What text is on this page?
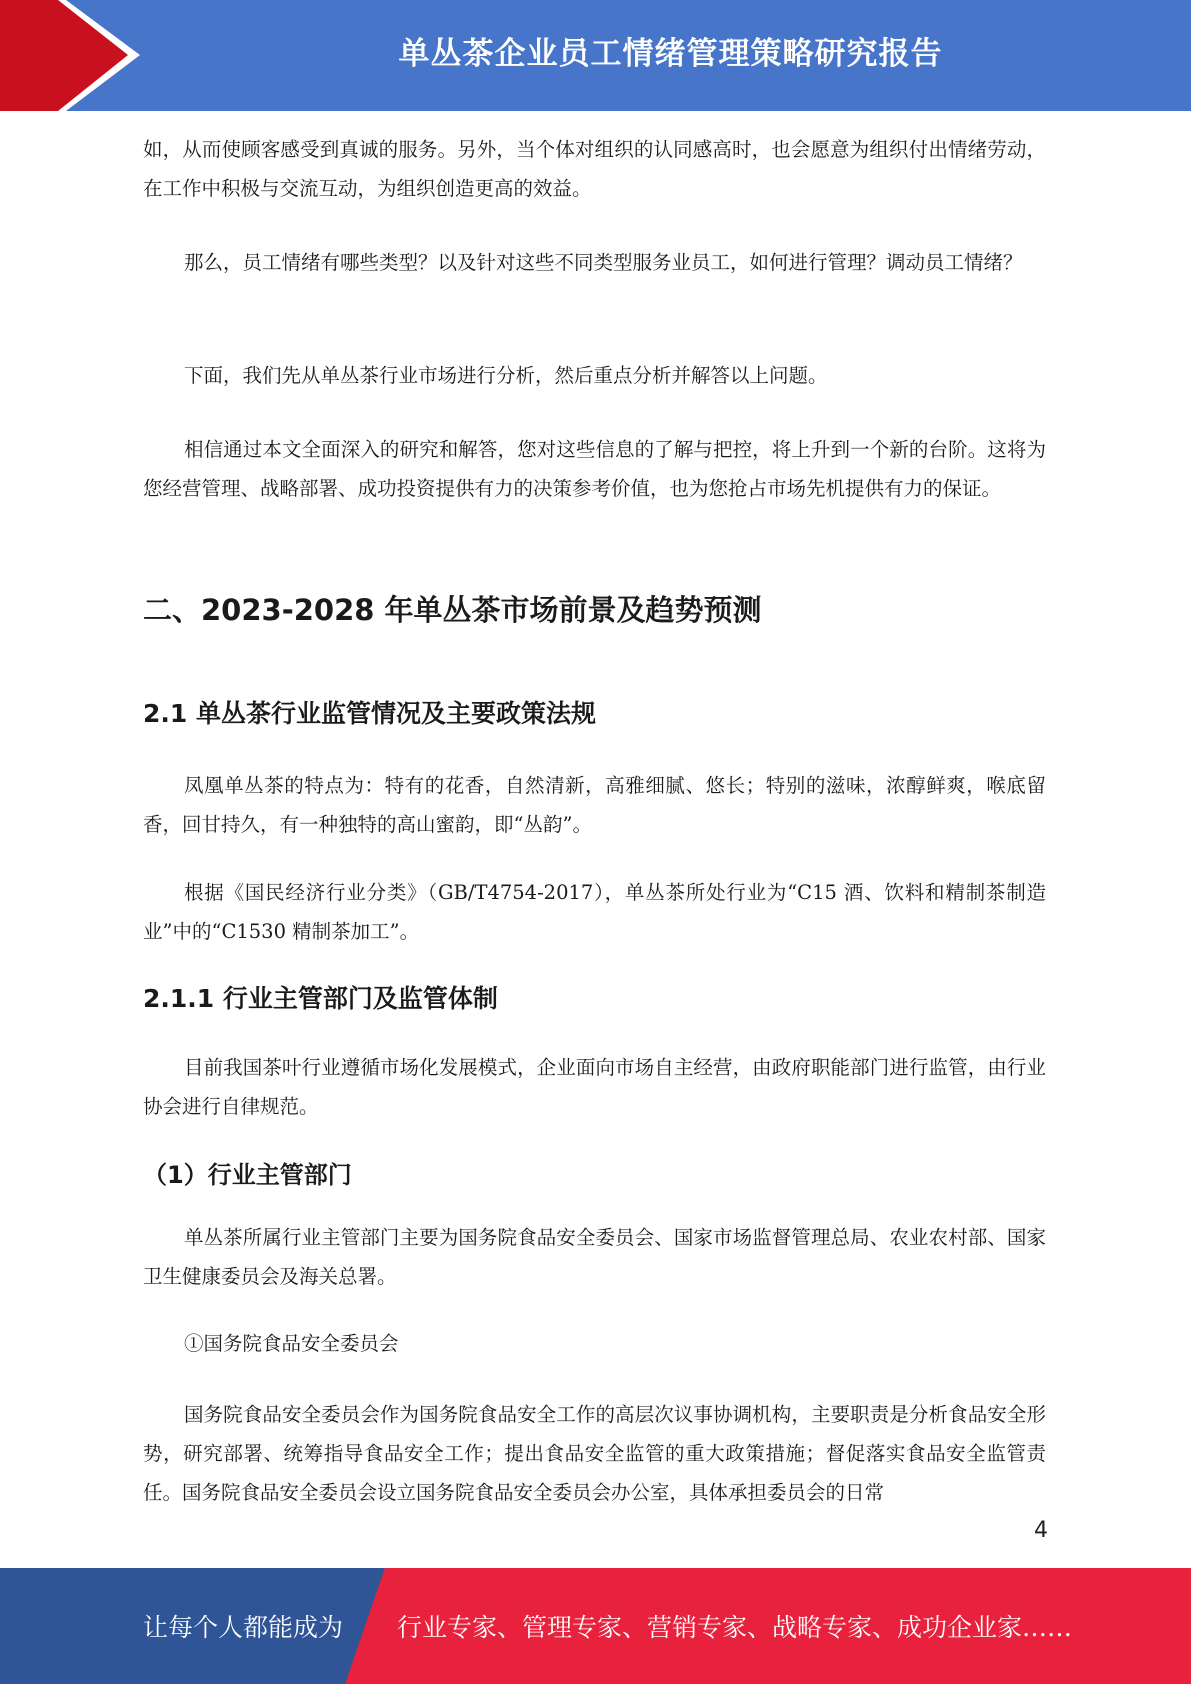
单丛茶企业员工情绪管理策略研究报告

如，从而使顾客感受到真诚的服务。另外，当个体对组织的认同感高时，也会愿意为组织付出情绪劳动，在工作中积极与交流互动，为组织创造更高的效益。

那么，员工情绪有哪些类型？以及针对这些不同类型服务业员工，如何进行管理？调动员工情绪？

下面，我们先从单丛茶行业市场进行分析，然后重点分析并解答以上问题。

相信通过本文全面深入的研究和解答，您对这些信息的了解与把控，将上升到一个新的台阶。这将为您经营管理、战略部署、成功投资提供有力的决策参考价值，也为您抢占市场先机提供有力的保证。

二、2023-2028 年单丛茶市场前景及趋势预测
2.1 单丛茶行业监管情况及主要政策法规

凤凰单丛茶的特点为：特有的花香，自然清新，高雅细腻、悠长；特别的滋味，浓醇鲜爽，喉底留香，回甘持久，有一种独特的高山蜜韵，即“丛韵”。

根据《国民经济行业分类》（GB/T4754-2017），单丛茶所处行业为“C15 酒、饮料和精制茶制造业”中的“C1530 精制茶加工”。

2.1.1 行业主管部门及监管体制

目前我国茶叶行业遵循市场化发展模式，企业面向市场自主经营，由政府职能部门进行监管，由行业协会进行自律规范。

（1）行业主管部门

单丛茶所属行业主管部门主要为国务院食品安全委员会、国家市场监督管理总局、农业农村部、国家卫生健康委员会及海关总署。

①国务院食品安全委员会

国务院食品安全委员会作为国务院食品安全工作的高层次议事协调机构，主要职责是分析食品安全形势，研究部署、统筹指导食品安全工作；提出食品安全监管的重大政策措施；督促落实食品安全监管责任。国务院食品安全委员会设立国务院食品安全委员会办公室，具体承担委员会的日常

4
让每个人都能成为 行业专家、管理专家、营销专家、战略专家、成功企业家……
